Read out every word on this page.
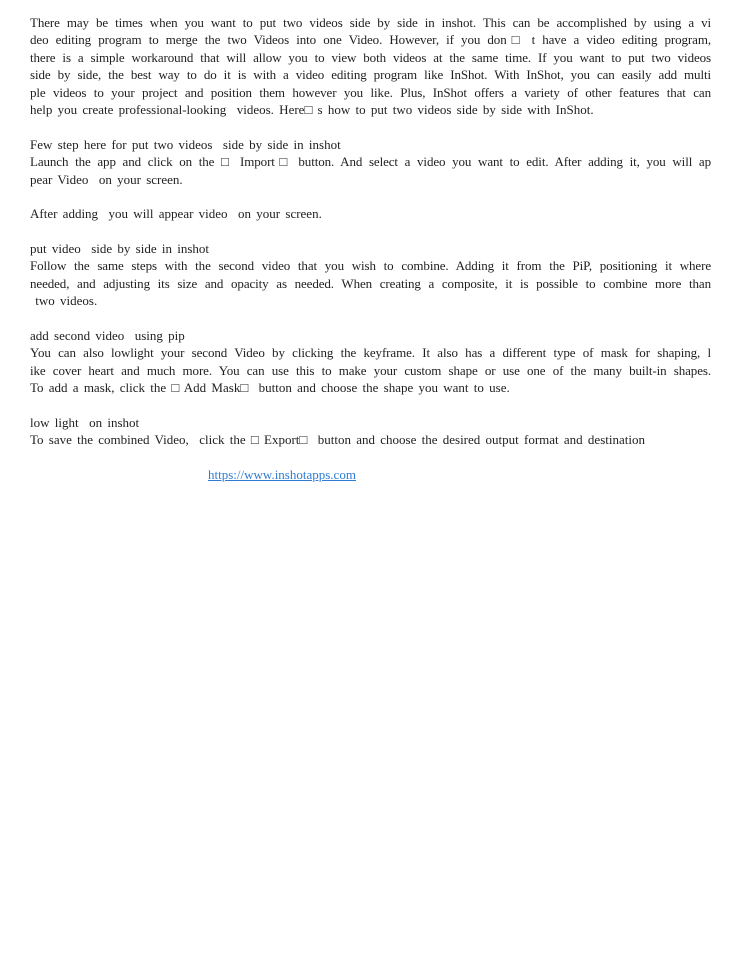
There may be times when you want to put two videos side by side in inshot. This can be accomplished by using a vi
deo editing program to merge the two Videos into one Video. However, if you don□ t have a video editing program,
there is a simple workaround that will allow you to view both videos at the same time. If you want to put two videos
side by side, the best way to do it is with a video editing program like InShot. With InShot, you can easily add multi
ple videos to your project and position them however you like. Plus, InShot offers a variety of other features that can
help you create professional-looking  videos. Here□ s how to put two videos side by side with InShot.
Few step here for put two videos  side by side in inshot
Launch the app and click on the □ Import□ button. And select a video you want to edit. After adding it, you will ap
pear Video  on your screen.
After adding  you will appear video  on your screen.
put video  side by side in inshot
Follow the same steps with the second video that you wish to combine. Adding it from the PiP, positioning it where
needed, and adjusting its size and opacity as needed. When creating a composite, it is possible to combine more than
two videos.
add second video  using pip
You can also lowlight your second Video by clicking the keyframe. It also has a different type of mask for shaping, l
ike cover heart and much more. You can use this to make your custom shape or use one of the many built-in shapes.
To add a mask, click the □ Add Mask□  button and choose the shape you want to use.
low light  on inshot
To save the combined Video,  click the □ Export□  button and choose the desired output format and destination
https://www.inshotapps.com
